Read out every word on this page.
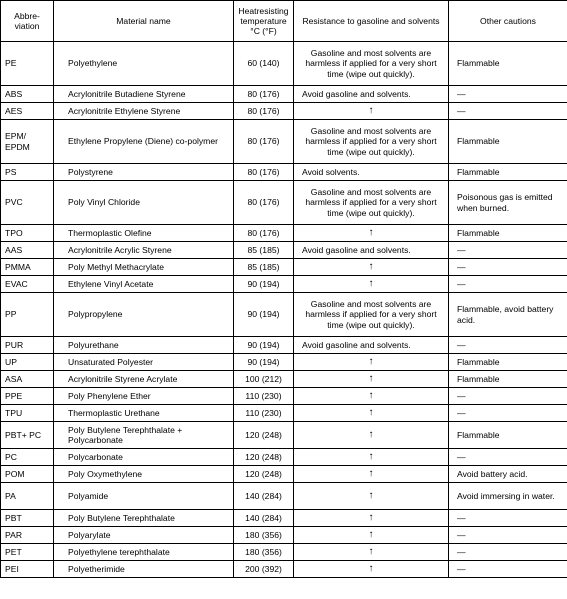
Abbre-
viation	Material name	Heatresisting temperature °C (°F)	Resistance to gasoline and solvents	Other cautions
PE	Polyethylene	60 (140)	Gasoline and most solvents are harmless if applied for a very short time (wipe out quickly).	Flammable
ABS	Acrylonitrile Butadiene Styrene	80 (176)	Avoid gasoline and solvents.	—
AES	Acrylonitrile Ethylene Styrene	80 (176)	↑	—
EPM/ EPDM	Ethylene Propylene (Diene) co-polymer	80 (176)	Gasoline and most solvents are harmless if applied for a very short time (wipe out quickly).	Flammable
PS	Polystyrene	80 (176)	Avoid solvents.	Flammable
PVC	Poly Vinyl Chloride	80 (176)	Gasoline and most solvents are harmless if applied for a very short time (wipe out quickly).	Poisonous gas is emitted when burned.
TPO	Thermoplastic Olefine	80 (176)	↑	Flammable
AAS	Acrylonitrile Acrylic Styrene	85 (185)	Avoid gasoline and solvents.	—
PMMA	Poly Methyl Methacrylate	85 (185)	↑	—
EVAC	Ethylene Vinyl Acetate	90 (194)	↑	—
PP	Polypropylene	90 (194)	Gasoline and most solvents are harmless if applied for a very short time (wipe out quickly).	Flammable, avoid battery acid.
PUR	Polyurethane	90 (194)	Avoid gasoline and solvents.	—
UP	Unsaturated Polyester	90 (194)	↑	Flammable
ASA	Acrylonitrile Styrene Acrylate	100 (212)	↑	Flammable
PPE	Poly Phenylene Ether	110 (230)	↑	—
TPU	Thermoplastic Urethane	110 (230)	↑	—
PBT+ PC	Poly Butylene Terephthalate + Polycarbonate	120 (248)	↑	Flammable
PC	Polycarbonate	120 (248)	↑	—
POM	Poly Oxymethylene	120 (248)	↑	Avoid battery acid.
PA	Polyamide	140 (284)	↑	Avoid immersing in water.
PBT	Poly Butylene Terephthalate	140 (284)	↑	—
PAR	Polyarylate	180 (356)	↑	—
PET	Polyethylene terephthalate	180 (356)	↑	—
PEI	Polyetherimide	200 (392)	↑	—
